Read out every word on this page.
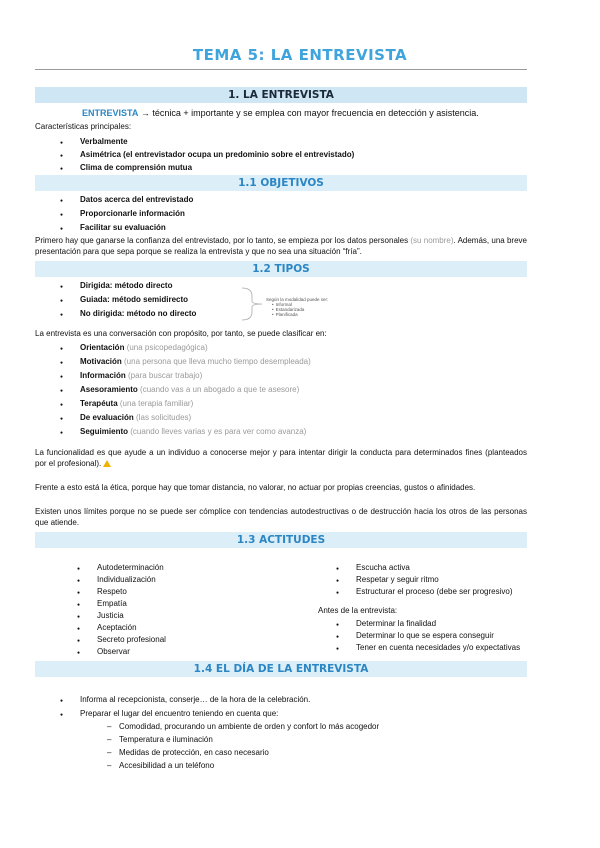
TEMA 5: LA ENTREVISTA
1. LA ENTREVISTA
ENTREVISTA → técnica + importante y se emplea con mayor frecuencia en detección y asistencia.
Características principales:
● Verbalmente
● Asimétrica (el entrevistador ocupa un predominio sobre el entrevistado)
● Clima de comprensión mutua
1.1 OBJETIVOS
● Datos acerca del entrevistado
● Proporcionarle información
● Facilitar su evaluación
Primero hay que ganarse la confianza del entrevistado, por lo tanto, se empieza por los datos personales (su nombre). Además, una breve presentación para que sepa porque se realiza la entrevista y que no sea una situación “fría”.
1.2 TIPOS
● Dirigida: método directo
● Guiada: método semidirecto
● No dirigida: método no directo
Según la modalidad puede ser:
• Informal
• Estandarizada
• Planificada
La entrevista es una conversación con propósito, por tanto, se puede clasificar en:
● Orientación (una psicopedagógica)
● Motivación (una persona que lleva mucho tiempo desempleada)
● Información (para buscar trabajo)
● Asesoramiento (cuando vas a un abogado a que te asesore)
● Terapéuta (una terapia familiar)
● De evaluación (las solicitudes)
● Seguimiento (cuando lleves varias y es para ver como avanza)
La funcionalidad es que ayude a un individuo a conocerse mejor y para intentar dirigir la conducta para determinados fines (planteados por el profesional).
Frente a esto está la ética, porque hay que tomar distancia, no valorar, no actuar por propias creencias, gustos o afinidades.
Existen unos límites porque no se puede ser cómplice con tendencias autodestructivas o de destrucción hacia los otros de las personas que atiende.
1.3 ACTITUDES
● Autodeterminación
● Individualización
● Respeto
● Empatía
● Justicia
● Aceptación
● Secreto profesional
● Observar
● Escucha activa
● Respetar y seguir ritmo
● Estructurar el proceso (debe ser progresivo)
Antes de la entrevista:
● Determinar la finalidad
● Determinar lo que se espera conseguir
● Tener en cuenta necesidades y/o expectativas
1.4 EL DÍA DE LA ENTREVISTA
● Informa al recepcionista, conserje… de la hora de la celebración.
● Preparar el lugar del encuentro teniendo en cuenta que:
– Comodidad, procurando un ambiente de orden y confort lo más acogedor
– Temperatura e iluminación
– Medidas de protección, en caso necesario
– Accesibilidad a un teléfono
